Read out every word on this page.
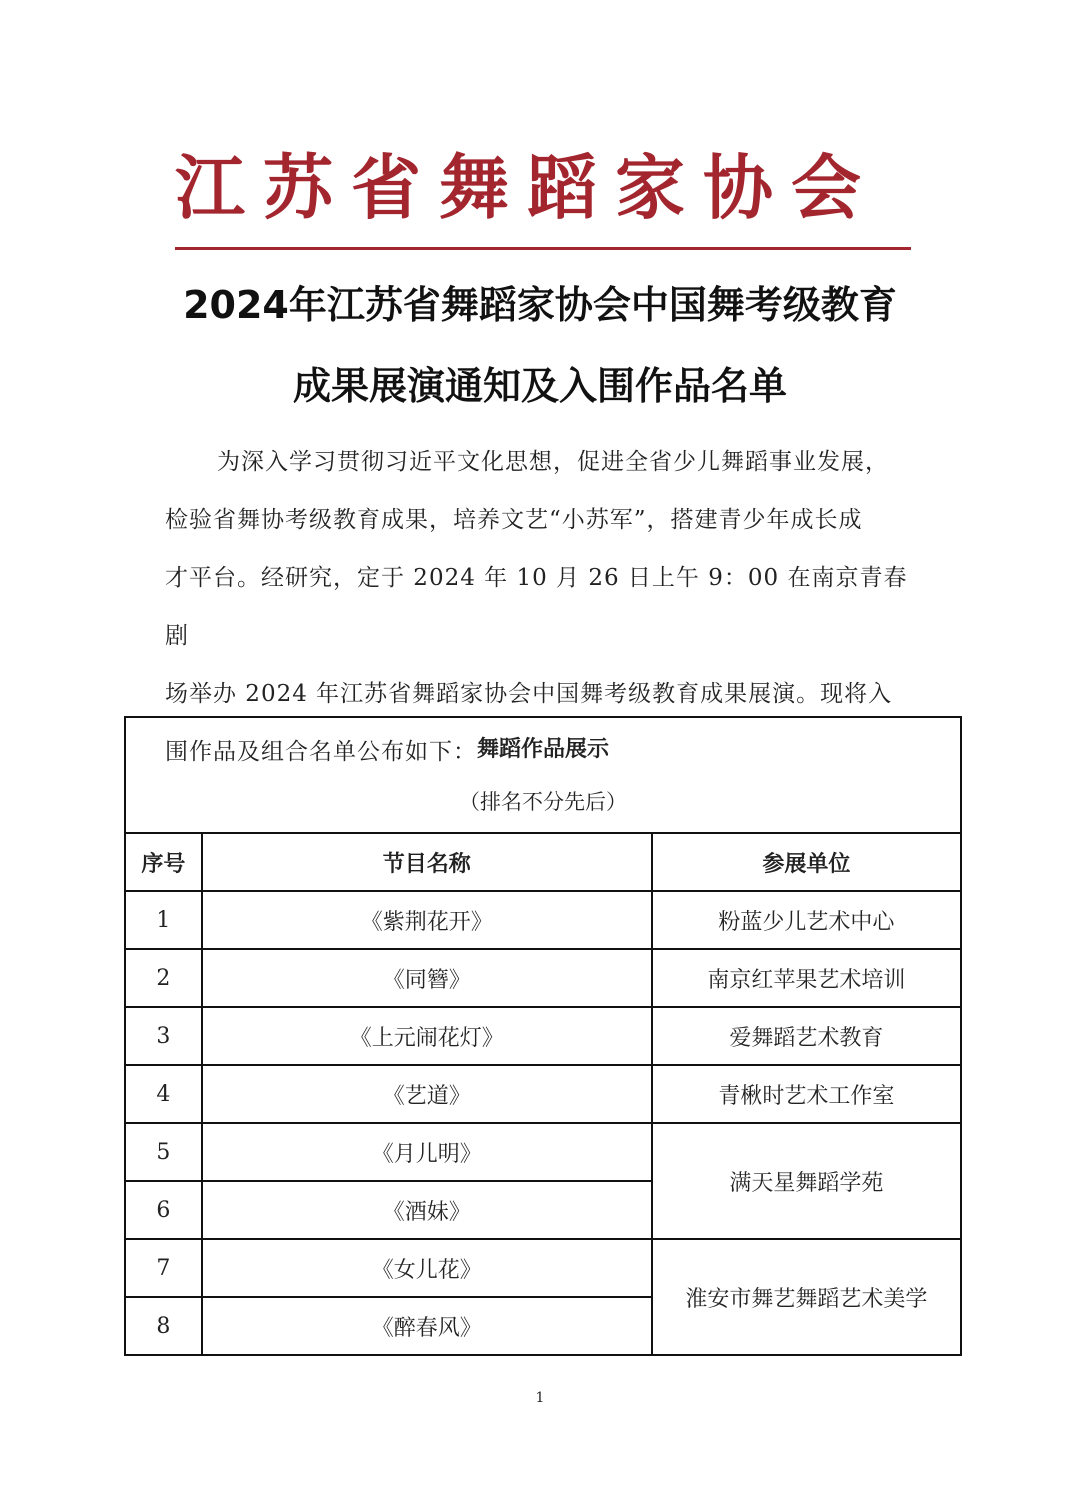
江苏省舞蹈家协会
2024年江苏省舞蹈家协会中国舞考级教育
成果展演通知及入围作品名单

为深入学习贯彻习近平文化思想，促进全省少儿舞蹈事业发展，

检验省舞协考级教育成果，培养文艺“小苏军”，搭建青少年成长成

才平台。经研究，定于 2024 年 10 月 26 日上午 9：00 在南京青春剧

场举办 2024 年江苏省舞蹈家协会中国舞考级教育成果展演。现将入

围作品及组合名单公布如下： 舞蹈作品展示
（排名不分先后）		

序号	节目名称	参展单位
1	《紫荆花开》	粉蓝少儿艺术中心
2	《同簪》	南京红苹果艺术培训
3	《上元闹花灯》	爱舞蹈艺术教育
4	《艺道》	青楸时艺术工作室
5	《月儿明》	满天星舞蹈学苑
6	《酒妹》	
7	《女儿花》	淮安市舞艺舞蹈艺术美学
8	《醉春风》	
1
